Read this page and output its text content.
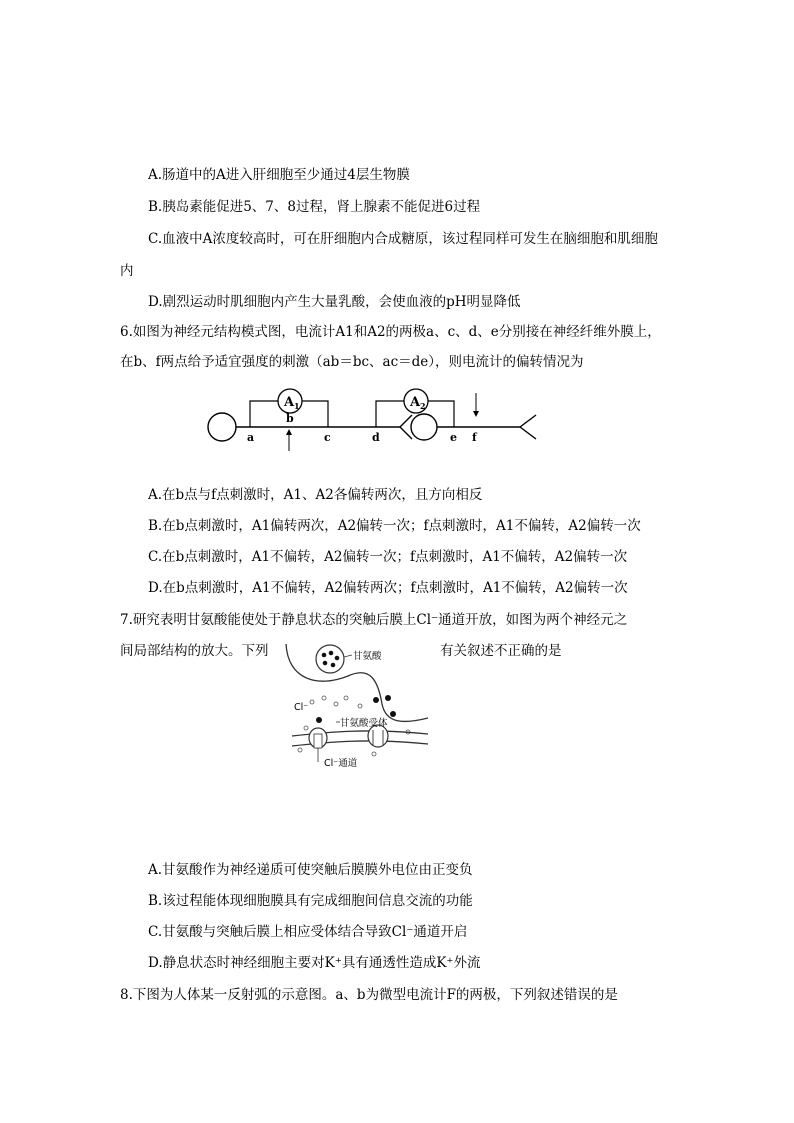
A.肠道中的A进入肝细胞至少通过4层生物膜
B.胰岛素能促进5、7、8过程，肾上腺素不能促进6过程
C.血液中A浓度较高时，可在肝细胞内合成糖原，该过程同样可发生在脑细胞和肌细胞
内
D.剧烈运动时肌细胞内产生大量乳酸，会使血液的pH明显降低
6.如图为神经元结构模式图，电流计A1和A2的两极a、c、d、e分别接在神经纤维外膜上，
在b、f两点给予适宜强度的刺激（ab＝bc、ac＝de），则电流计的偏转情况为
A 1	A 2
a
b
c	d	e f
A.在b点与f点刺激时，A1、A2各偏转两次，且方向相反
B.在b点刺激时，A1偏转两次，A2偏转一次；f点刺激时，A1不偏转，A2偏转一次
C.在b点刺激时，A1不偏转，A2偏转一次；f点刺激时，A1不偏转，A2偏转一次
D.在b点刺激时，A1不偏转，A2偏转两次；f点刺激时，A1不偏转，A2偏转一次
7.研究表明甘氨酸能使处于静息状态的突触后膜上Cl⁻通道开放，如图为两个神经元之
间局部结构的放大。下列	有关叙述不正确的是
甘氨酸
Cl⁻
甘氨酸受体
Cl⁻通道
A.甘氨酸作为神经递质可使突触后膜膜外电位由正变负
B.该过程能体现细胞膜具有完成细胞间信息交流的功能
C.甘氨酸与突触后膜上相应受体结合导致Cl⁻通道开启
D.静息状态时神经细胞主要对K⁺具有通透性造成K⁺外流
8.下图为人体某一反射弧的示意图。a、b为微型电流计F的两极，下列叙述错误的是
